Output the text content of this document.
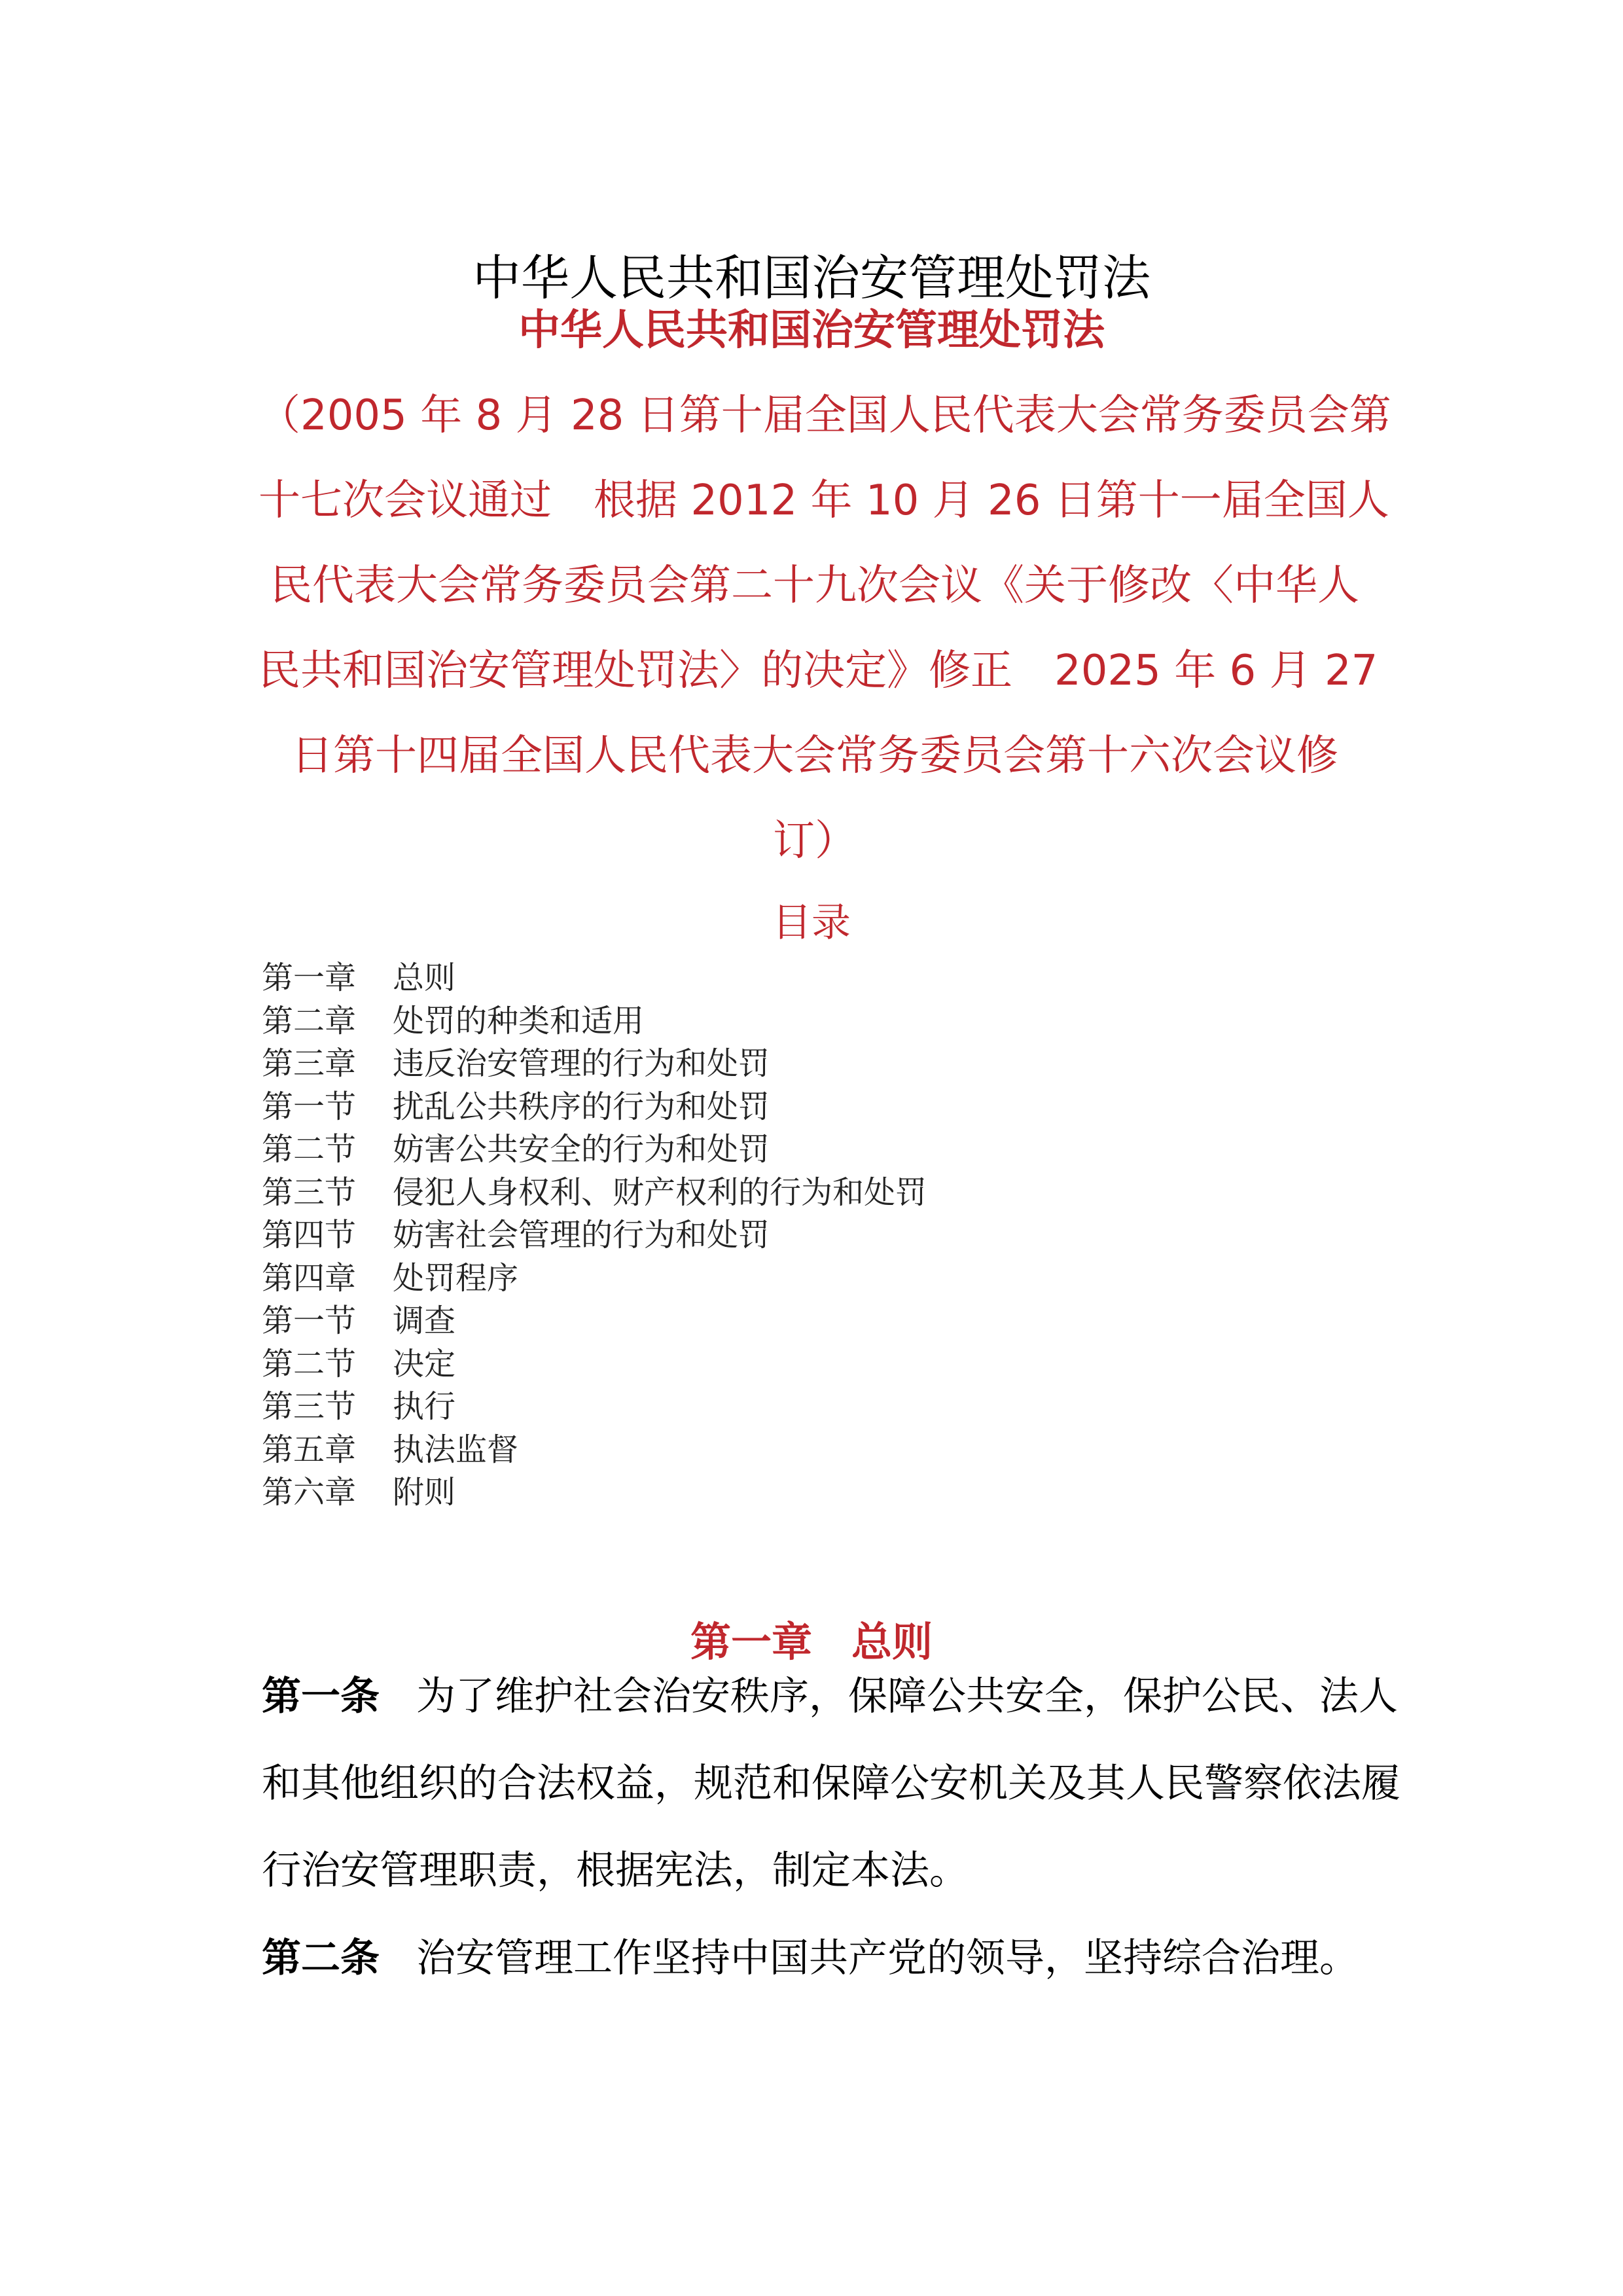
中华人民共和国治安管理处罚法
中华人民共和国治安管理处罚法
（2005 年 8 月 28 日第十届全国人民代表大会常务委员会第
十七次会议通过　根据 2012 年 10 月 26 日第十一届全国人
民代表大会常务委员会第二十九次会议《关于修改〈中华人
民共和国治安管理处罚法〉的决定》修正　2025 年 6 月 27
日第十四届全国人民代表大会常务委员会第十六次会议修
订）
目录
第一章 总则
第二章 处罚的种类和适用
第三章 违反治安管理的行为和处罚
第一节 扰乱公共秩序的行为和处罚
第二节 妨害公共安全的行为和处罚
第三节 侵犯人身权利、财产权利的行为和处罚
第四节 妨害社会管理的行为和处罚
第四章 处罚程序
第一节 调查
第二节 决定
第三节 执行
第五章 执法监督
第六章 附则
第一章 总则

第一条 为了维护社会治安秩序，保障公共安全，保护公民、法人
和其他组织的合法权益，规范和保障公安机关及其人民警察依法履
行治安管理职责，根据宪法，制定本法。

第二条 治安管理工作坚持中国共产党的领导，坚持综合治理。
